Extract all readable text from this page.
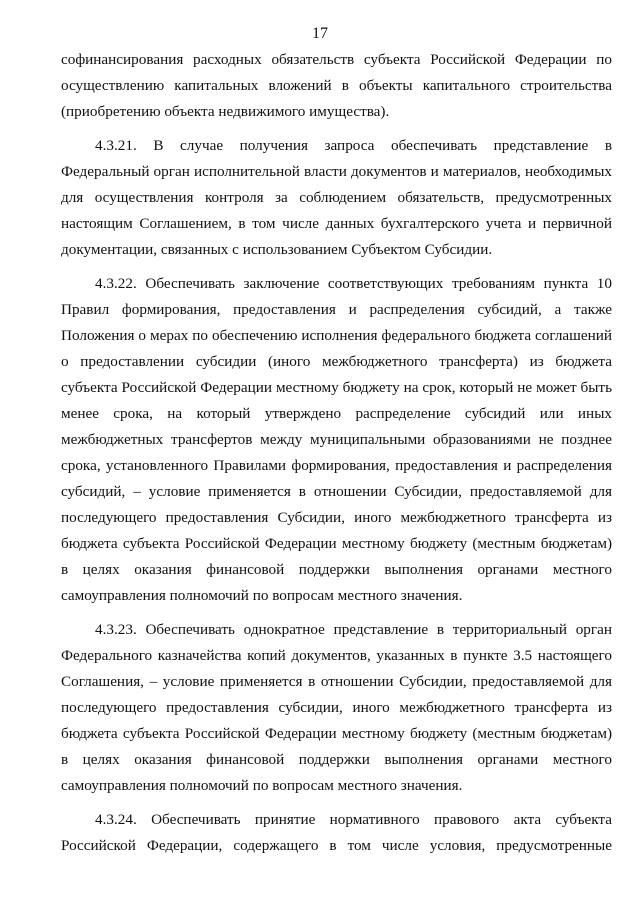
17

софинансирования расходных обязательств субъекта Российской Федерации по осуществлению капитальных вложений в объекты капитального строительства (приобретению объекта недвижимого имущества).

4.3.21. В случае получения запроса обеспечивать представление в Федеральный орган исполнительной власти документов и материалов, необходимых для осуществления контроля за соблюдением обязательств, предусмотренных настоящим Соглашением, в том числе данных бухгалтерского учета и первичной документации, связанных с использованием Субъектом Субсидии.

4.3.22. Обеспечивать заключение соответствующих требованиям пункта 10 Правил формирования, предоставления и распределения субсидий, а также Положения о мерах по обеспечению исполнения федерального бюджета соглашений о предоставлении субсидии (иного межбюджетного трансферта) из бюджета субъекта Российской Федерации местному бюджету на срок, который не может быть менее срока, на который утверждено распределение субсидий или иных межбюджетных трансфертов между муниципальными образованиями не позднее срока, установленного Правилами формирования, предоставления и распределения субсидий, – условие применяется в отношении Субсидии, предоставляемой для последующего предоставления Субсидии, иного межбюджетного трансферта из бюджета субъекта Российской Федерации местному бюджету (местным бюджетам) в целях оказания финансовой поддержки выполнения органами местного самоуправления полномочий по вопросам местного значения.

4.3.23. Обеспечивать однократное представление в территориальный орган Федерального казначейства копий документов, указанных в пункте 3.5 настоящего Соглашения, – условие применяется в отношении Субсидии, предоставляемой для последующего предоставления субсидии, иного межбюджетного трансферта из бюджета субъекта Российской Федерации местному бюджету (местным бюджетам) в целях оказания финансовой поддержки выполнения органами местного самоуправления полномочий по вопросам местного значения.

4.3.24. Обеспечивать принятие нормативного правового акта субъекта Российской Федерации, содержащего в том числе условия, предусмотренные
